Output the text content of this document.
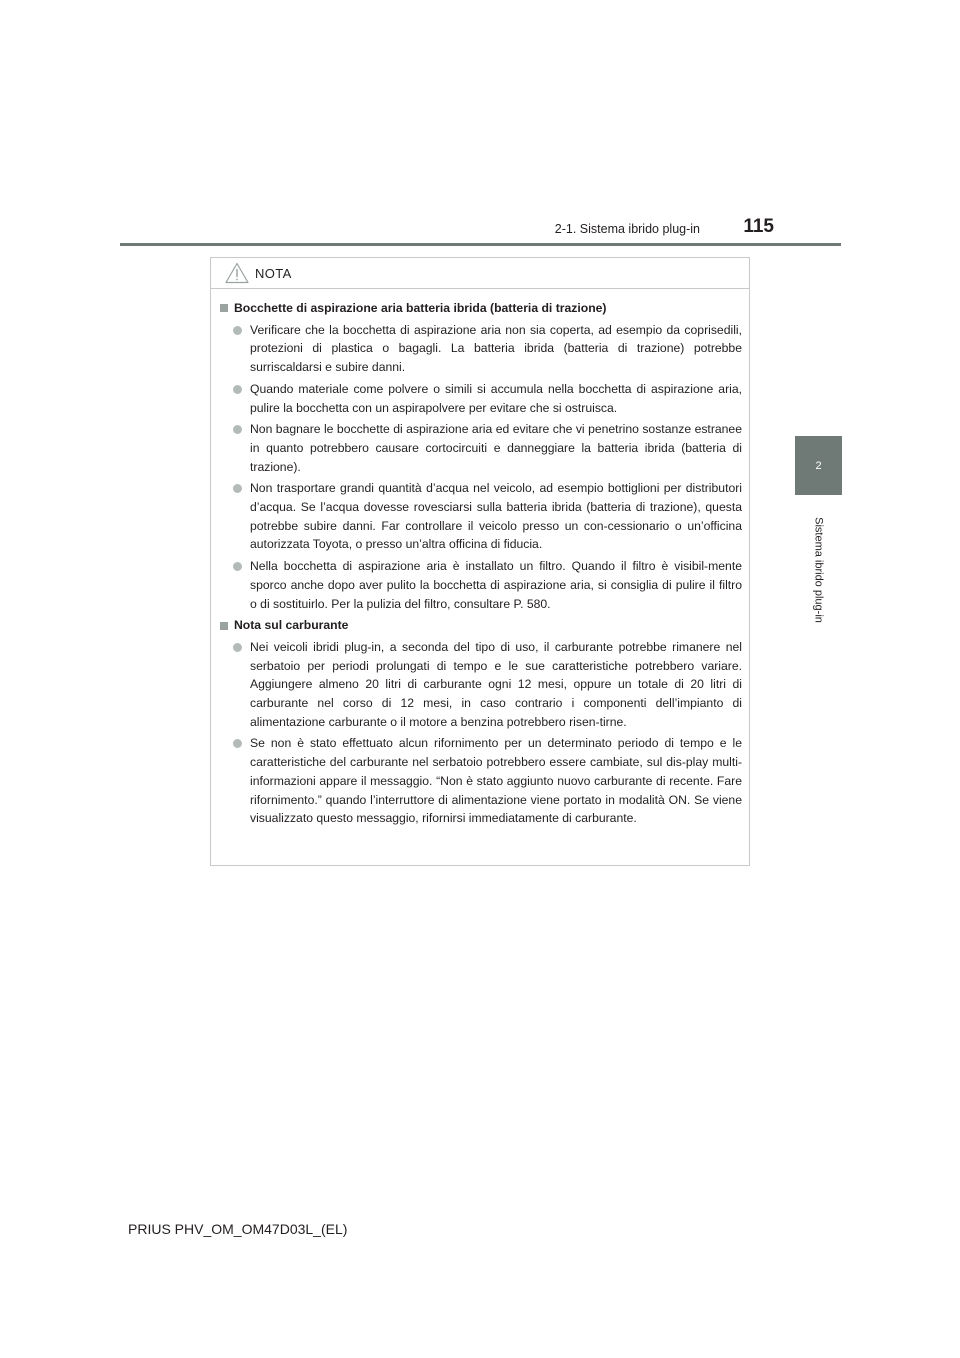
2-1. Sistema ibrido plug-in	115
2
Sistema ibrido plug-in
NOTA
Bocchette di aspirazione aria batteria ibrida (batteria di trazione)
Verificare che la bocchetta di aspirazione aria non sia coperta, ad esempio da coprisedili, protezioni di plastica o bagagli. La batteria ibrida (batteria di trazione) potrebbe surriscaldarsi e subire danni.
Quando materiale come polvere o simili si accumula nella bocchetta di aspirazione aria, pulire la bocchetta con un aspirapolvere per evitare che si ostruisca.
Non bagnare le bocchette di aspirazione aria ed evitare che vi penetrino sostanze estranee in quanto potrebbero causare cortocircuiti e danneggiare la batteria ibrida (batteria di trazione).
Non trasportare grandi quantità d’acqua nel veicolo, ad esempio bottiglioni per distributori d’acqua. Se l’acqua dovesse rovesciarsi sulla batteria ibrida (batteria di trazione), questa potrebbe subire danni. Far controllare il veicolo presso un con-cessionario o un’officina autorizzata Toyota, o presso un’altra officina di fiducia.
Nella bocchetta di aspirazione aria è installato un filtro. Quando il filtro è visibil-mente sporco anche dopo aver pulito la bocchetta di aspirazione aria, si consiglia di pulire il filtro o di sostituirlo. Per la pulizia del filtro, consultare P. 580.
Nota sul carburante
Nei veicoli ibridi plug-in, a seconda del tipo di uso, il carburante potrebbe rimanere nel serbatoio per periodi prolungati di tempo e le sue caratteristiche potrebbero variare. Aggiungere almeno 20 litri di carburante ogni 12 mesi, oppure un totale di 20 litri di carburante nel corso di 12 mesi, in caso contrario i componenti dell’impianto di alimentazione carburante o il motore a benzina potrebbero risen-tirne.
Se non è stato effettuato alcun rifornimento per un determinato periodo di tempo e le caratteristiche del carburante nel serbatoio potrebbero essere cambiate, sul dis-play multi-informazioni appare il messaggio. “Non è stato aggiunto nuovo carburante di recente. Fare rifornimento.” quando l’interruttore di alimentazione viene portato in modalità ON. Se viene visualizzato questo messaggio, rifornirsi immediatamente di carburante.
PRIUS PHV_OM_OM47D03L_(EL)
